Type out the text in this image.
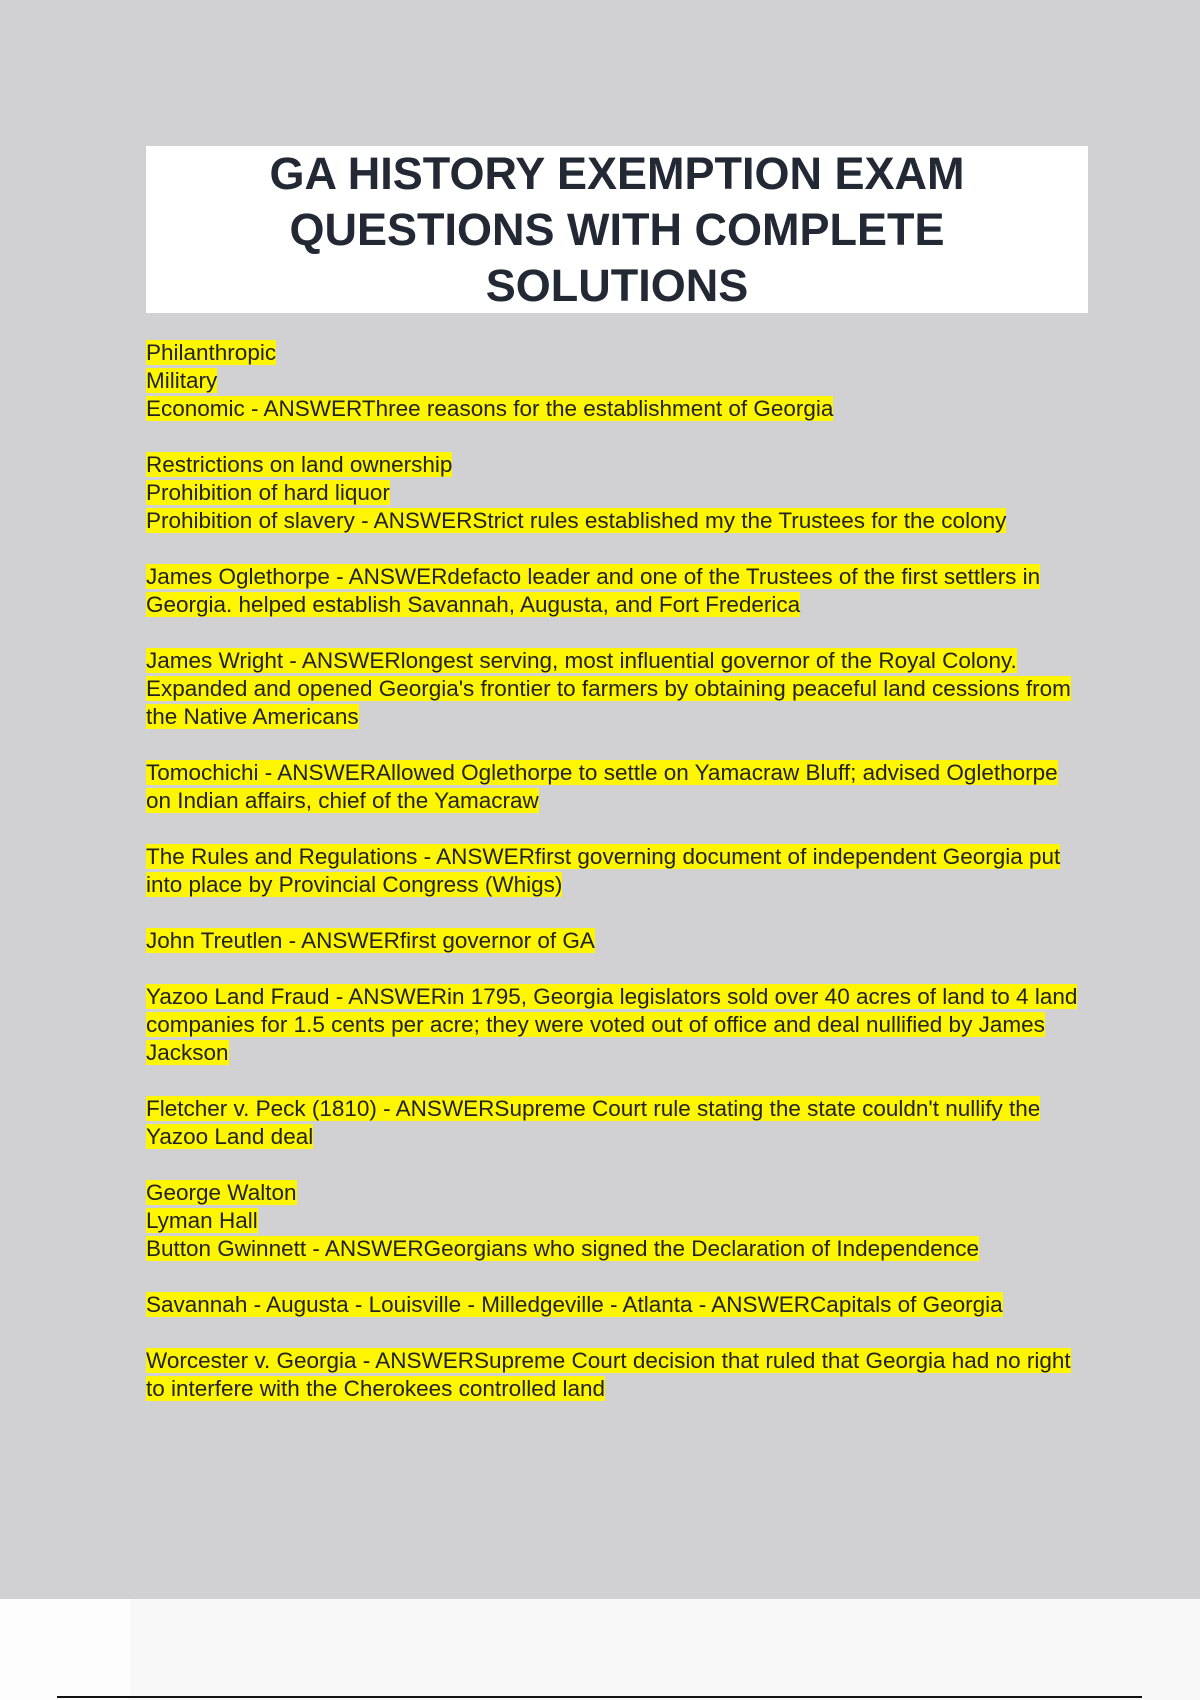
GA HISTORY EXEMPTION EXAM QUESTIONS WITH COMPLETE SOLUTIONS
Philanthropic
Military
Economic - ANSWERThree reasons for the establishment of Georgia
Restrictions on land ownership
Prohibition of hard liquor
Prohibition of slavery - ANSWERStrict rules established my the Trustees for the colony
James Oglethorpe - ANSWERdefacto leader and one of the Trustees of the first settlers in Georgia. helped establish Savannah, Augusta, and Fort Frederica
James Wright - ANSWERlongest serving, most influential governor of the Royal Colony. Expanded and opened Georgia's frontier to farmers by obtaining peaceful land cessions from the Native Americans
Tomochichi - ANSWERAllowed Oglethorpe to settle on Yamacraw Bluff; advised Oglethorpe on Indian affairs, chief of the Yamacraw
The Rules and Regulations - ANSWERfirst governing document of independent Georgia put into place by Provincial Congress (Whigs)
John Treutlen - ANSWERfirst governor of GA
Yazoo Land Fraud - ANSWERin 1795, Georgia legislators sold over 40 acres of land to 4 land companies for 1.5 cents per acre; they were voted out of office and deal nullified by James Jackson
Fletcher v. Peck (1810) - ANSWERSupreme Court rule stating the state couldn't nullify the Yazoo Land deal
George Walton
Lyman Hall
Button Gwinnett - ANSWERGeorgians who signed the Declaration of Independence
Savannah - Augusta - Louisville - Milledgeville - Atlanta - ANSWERCapitals of Georgia
Worcester v. Georgia - ANSWERSupreme Court decision that ruled that Georgia had no right to interfere with the Cherokees controlled land
